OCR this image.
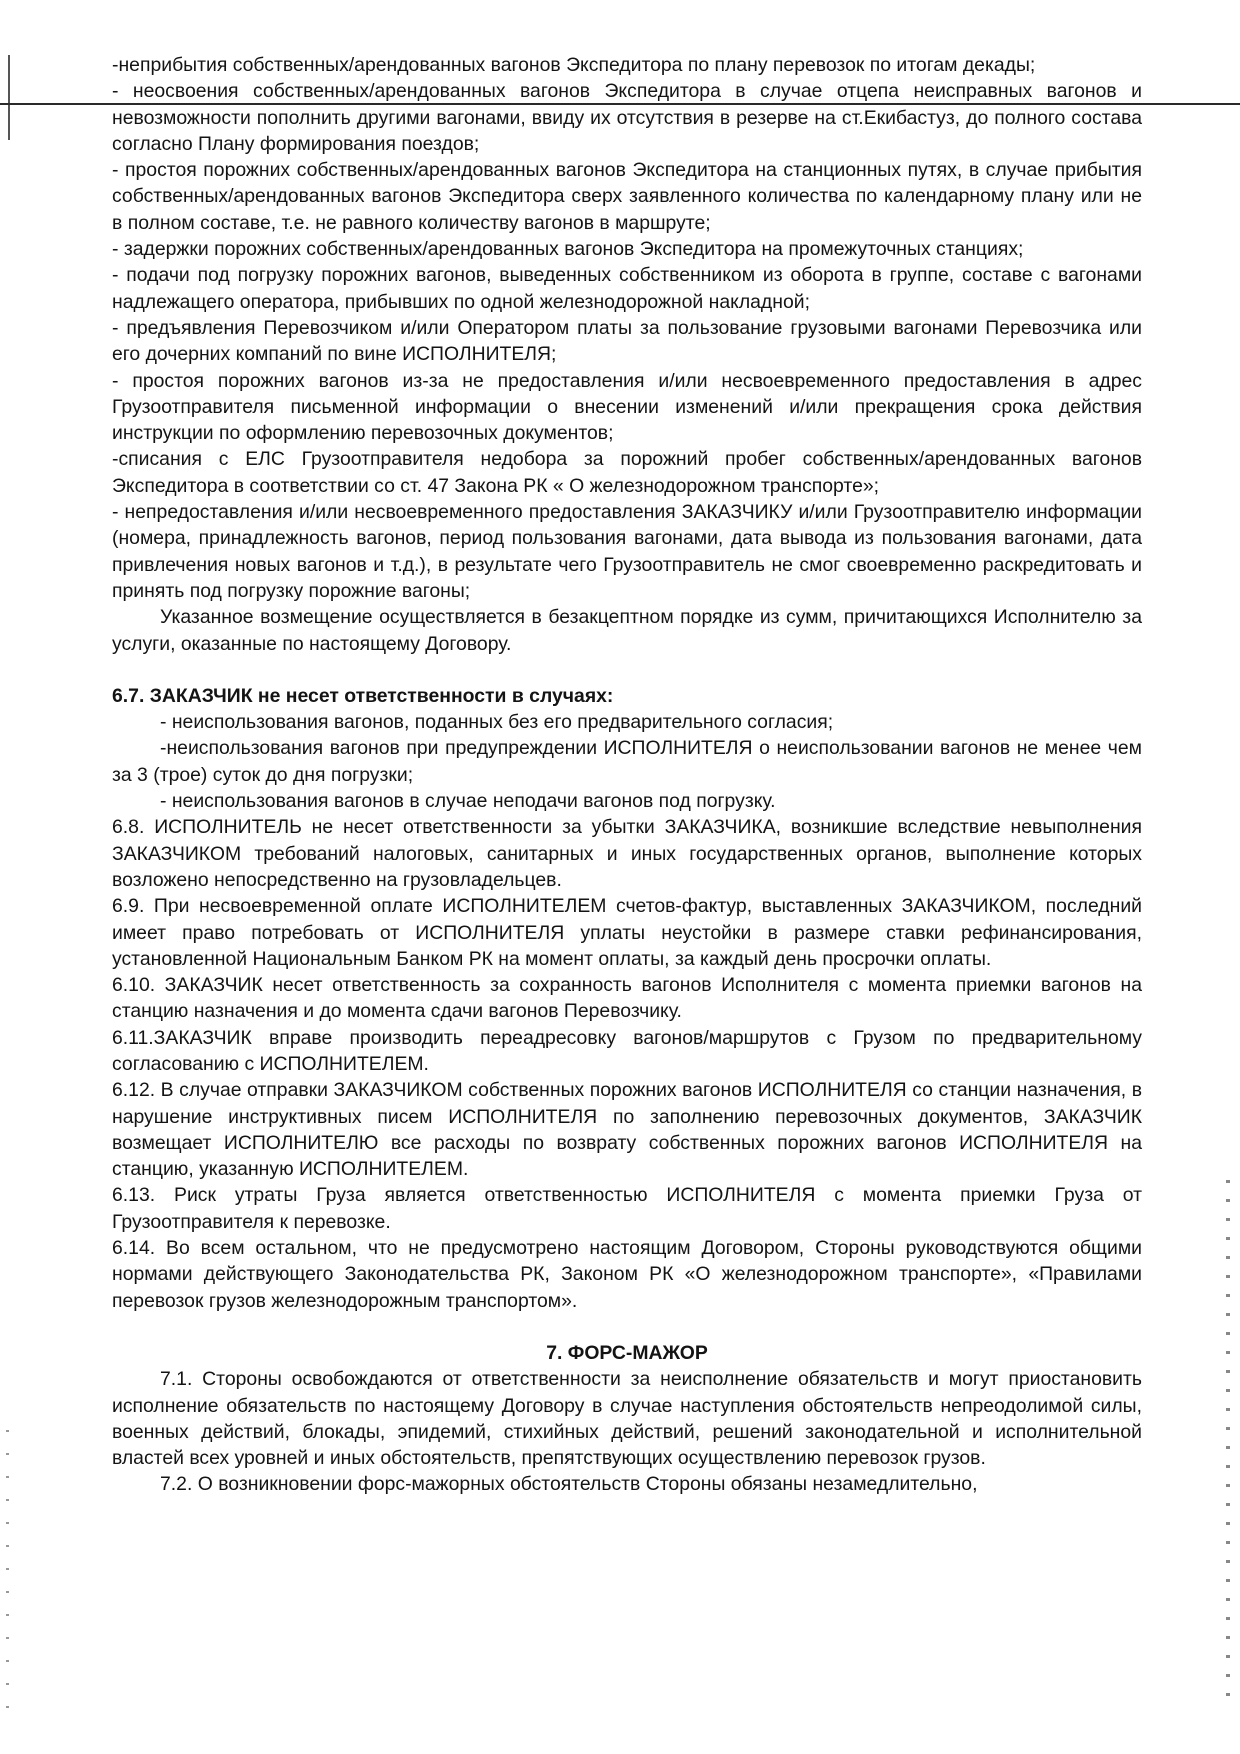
-неприбытия собственных/арендованных вагонов Экспедитора по плану перевозок по итогам декады;

- неосвоения собственных/арендованных вагонов Экспедитора в случае отцепа неисправных вагонов и невозможности пополнить другими вагонами, ввиду их отсутствия в резерве на ст.Екибастуз, до полного состава согласно Плану формирования поездов;

- простоя порожних собственных/арендованных вагонов Экспедитора на станционных путях, в случае прибытия собственных/арендованных вагонов Экспедитора сверх заявленного количества по календарному плану или не в полном составе, т.е. не равного количеству вагонов в маршруте;

- задержки порожних собственных/арендованных вагонов Экспедитора на промежуточных станциях;

- подачи под погрузку порожних вагонов, выведенных собственником из оборота в группе, составе с вагонами надлежащего оператора, прибывших по одной железнодорожной накладной;

- предъявления Перевозчиком и/или Оператором платы за пользование грузовыми вагонами Перевозчика или его дочерних компаний по вине ИСПОЛНИТЕЛЯ;

- простоя порожних вагонов из-за не предоставления и/или несвоевременного предоставления в адрес Грузоотправителя письменной информации о внесении изменений и/или прекращения срока действия инструкции по оформлению перевозочных документов;

-списания с ЕЛС Грузоотправителя недобора за порожний пробег собственных/арендованных вагонов Экспедитора в соответствии со ст. 47 Закона РК « О железнодорожном транспорте»;

- непредоставления и/или несвоевременного предоставления ЗАКАЗЧИКУ и/или Грузоотправителю информации (номера, принадлежность вагонов, период пользования вагонами, дата вывода из пользования вагонами, дата привлечения новых вагонов и т.д.), в результате чего Грузоотправитель не смог своевременно раскредитовать и принять под погрузку порожние вагоны;

Указанное возмещение осуществляется в безакцептном порядке из сумм, причитающихся Исполнителю за услуги, оказанные по настоящему Договору.

6.7. ЗАКАЗЧИК не несет ответственности в случаях:

- неиспользования вагонов, поданных без его предварительного согласия;

-неиспользования вагонов при предупреждении ИСПОЛНИТЕЛЯ о неиспользовании вагонов не менее чем за 3 (трое) суток до дня погрузки;

- неиспользования вагонов в случае неподачи вагонов под погрузку.

6.8. ИСПОЛНИТЕЛЬ не несет ответственности за убытки ЗАКАЗЧИКА, возникшие вследствие невыполнения ЗАКАЗЧИКОМ требований налоговых, санитарных и иных государственных органов, выполнение которых возложено непосредственно на грузовладельцев.

6.9. При несвоевременной оплате ИСПОЛНИТЕЛЕМ счетов-фактур, выставленных ЗАКАЗЧИКОМ, последний имеет право потребовать от ИСПОЛНИТЕЛЯ уплаты неустойки в размере ставки рефинансирования, установленной Национальным Банком РК на момент оплаты, за каждый день просрочки оплаты.

6.10. ЗАКАЗЧИК несет ответственность за сохранность вагонов Исполнителя с момента приемки вагонов на станцию назначения и до момента сдачи вагонов Перевозчику.

6.11.ЗАКАЗЧИК вправе производить переадресовку вагонов/маршрутов с Грузом по предварительному согласованию с ИСПОЛНИТЕЛЕМ.

6.12. В случае отправки ЗАКАЗЧИКОМ собственных порожних вагонов ИСПОЛНИТЕЛЯ со станции назначения, в нарушение инструктивных писем ИСПОЛНИТЕЛЯ по заполнению перевозочных документов, ЗАКАЗЧИК возмещает ИСПОЛНИТЕЛЮ все расходы по возврату собственных порожних вагонов ИСПОЛНИТЕЛЯ на станцию, указанную ИСПОЛНИТЕЛЕМ.

6.13. Риск утраты Груза является ответственностью ИСПОЛНИТЕЛЯ с момента приемки Груза от Грузоотправителя к перевозке.

6.14. Во всем остальном, что не предусмотрено настоящим Договором, Стороны руководствуются общими нормами действующего Законодательства РК, Законом РК «О железнодорожном транспорте», «Правилами перевозок грузов железнодорожным транспортом».

7. ФОРС-МАЖОР

7.1. Стороны освобождаются от ответственности за неисполнение обязательств и могут приостановить исполнение обязательств по настоящему Договору в случае наступления обстоятельств непреодолимой силы, военных действий, блокады, эпидемий, стихийных действий, решений законодательной и исполнительной властей всех уровней и иных обстоятельств, препятствующих осуществлению перевозок грузов.

7.2. О возникновении форс-мажорных обстоятельств Стороны обязаны незамедлительно,
